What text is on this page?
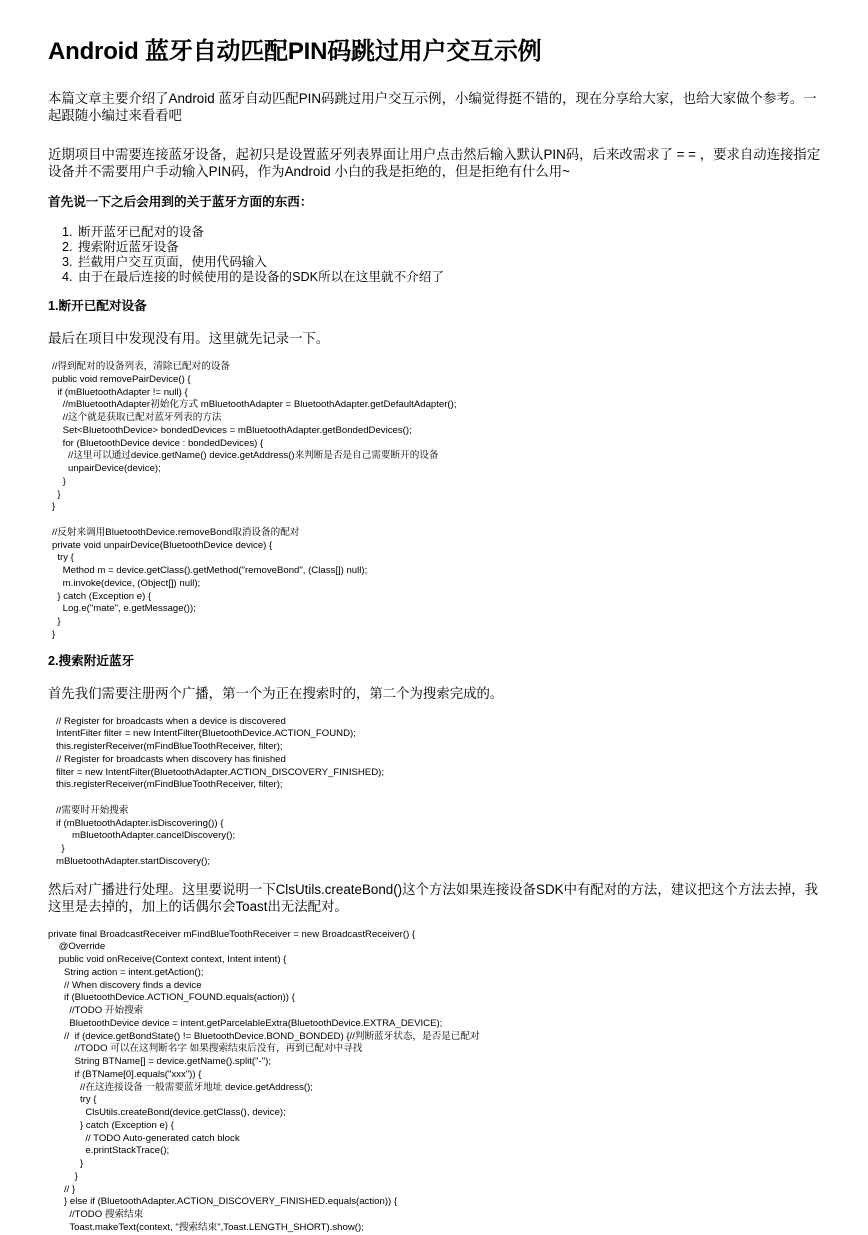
Android 蓝牙自动匹配PIN码跳过用户交互示例

本篇文章主要介绍了Android 蓝牙自动匹配PIN码跳过用户交互示例，小编觉得挺不错的，现在分享给大家，也给大家做个参考。一起跟随小编过来看看吧

近期项目中需要连接蓝牙设备，起初只是设置蓝牙列表界面让用户点击然后输入默认PIN码，后来改需求了 = = ，要求自动连接指定设备并不需要用户手动输入PIN码，作为Android 小白的我是拒绝的，但是拒绝有什么用~

首先说一下之后会用到的关于蓝牙方面的东西：

1. 断开蓝牙已配对的设备
2. 搜索附近蓝牙设备
3. 拦截用户交互页面，使用代码输入
4. 由于在最后连接的时候使用的是设备的SDK所以在这里就不介绍了
1.断开已配对设备

最后在项目中发现没有用。这里就先记录一下。

//得到配对的设备列表，清除已配对的设备
public void removePairDevice() {
if (mBluetoothAdapter != null) {
//mBluetoothAdapter初始化方式 mBluetoothAdapter = BluetoothAdapter.getDefaultAdapter();
//这个就是获取已配对蓝牙列表的方法
Set<BluetoothDevice> bondedDevices = mBluetoothAdapter.getBondedDevices();
for (BluetoothDevice device : bondedDevices) {
//这里可以通过device.getName() device.getAddress()来判断是否是自己需要断开的设备
unpairDevice(device);
}
}
}

//反射来调用BluetoothDevice.removeBond取消设备的配对
private void unpairDevice(BluetoothDevice device) {
try {
Method m = device.getClass().getMethod("removeBond", (Class[]) null);
m.invoke(device, (Object[]) null);
} catch (Exception e) {
Log.e("mate", e.getMessage());
}
}
2.搜索附近蓝牙

首先我们需要注册两个广播，第一个为正在搜索时的，第二个为搜索完成的。

// Register for broadcasts when a device is discovered
IntentFilter filter = new IntentFilter(BluetoothDevice.ACTION_FOUND);
this.registerReceiver(mFindBlueToothReceiver, filter);
// Register for broadcasts when discovery has finished
filter = new IntentFilter(BluetoothAdapter.ACTION_DISCOVERY_FINISHED);
this.registerReceiver(mFindBlueToothReceiver, filter);

//需要时开始搜索
if (mBluetoothAdapter.isDiscovering()) {
mBluetoothAdapter.cancelDiscovery();
}
mBluetoothAdapter.startDiscovery();

然后对广播进行处理。这里要说明一下ClsUtils.createBond()这个方法如果连接设备SDK中有配对的方法，建议把这个方法去掉，我这里是去掉的，加上的话偶尔会Toast出无法配对。

private final BroadcastReceiver mFindBlueToothReceiver = new BroadcastReceiver() {
@Override
public void onReceive(Context context, Intent intent) {
String action = intent.getAction();
// When discovery finds a device
if (BluetoothDevice.ACTION_FOUND.equals(action)) {
//TODO 开始搜索
BluetoothDevice device = intent.getParcelableExtra(BluetoothDevice.EXTRA_DEVICE);
//  if (device.getBondState() != BluetoothDevice.BOND_BONDED) {//判断蓝牙状态，是否是已配对
//TODO 可以在这判断名字 如果搜索结束后没有，再到已配对中寻找
String BTName[] = device.getName().split("-");
if (BTName[0].equals("xxx")) {
//在这连接设备 一般需要蓝牙地址 device.getAddress();
try {
ClsUtils.createBond(device.getClass(), device);
} catch (Exception e) {
// TODO Auto-generated catch block
e.printStackTrace();
}
}
// }
} else if (BluetoothAdapter.ACTION_DISCOVERY_FINISHED.equals(action)) {
//TODO 搜索结束
Toast.makeText(context, "搜索结束",Toast.LENGTH_SHORT).show();
